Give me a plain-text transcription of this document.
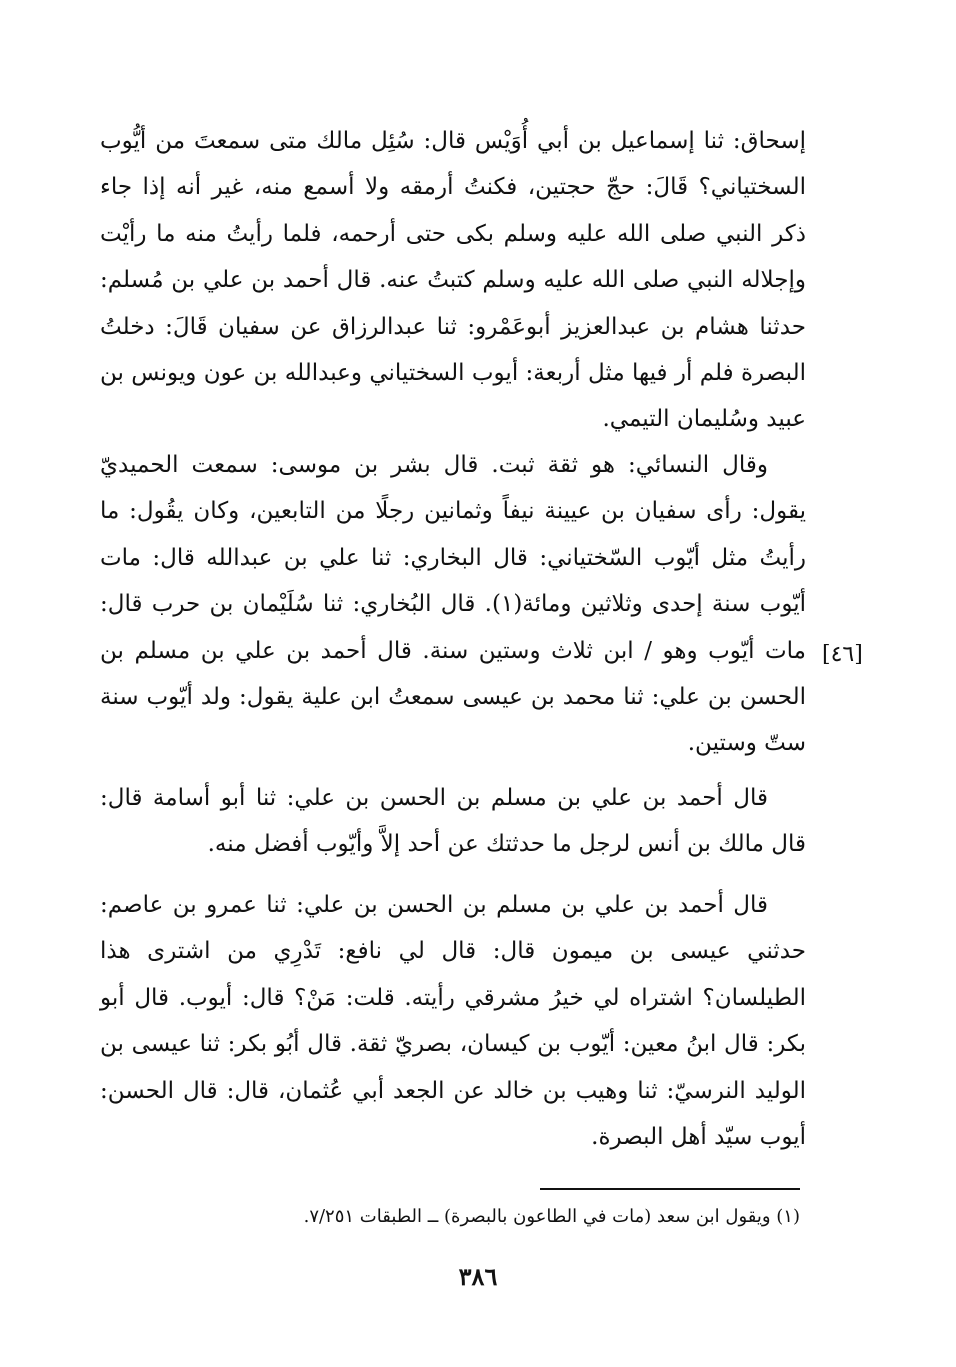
إسحاق: ثنا إسماعيل بن أبي أُوَيْس قال: سُئِل مالك متى سمعتَ من أيُّوب السختياني؟ قَالَ: حجّ حجتين، فكنتُ أرمقه ولا أسمع منه، غير أنه إذا جاء ذكر النبي صلى الله عليه وسلم بكى حتى أرحمه، فلما رأيتُ منه ما رأيْت وإجلاله النبي صلى الله عليه وسلم كتبتُ عنه. قال أحمد بن علي بن مُسلم: حدثنا هشام بن عبدالعزيز أبوعَمْرو: ثنا عبدالرزاق عن سفيان قَالَ: دخلتُ البصرة فلم أر فيها مثل أربعة: أيوب السختياني وعبدالله بن عون ويونس بن عبيد وسُليمان التيمي.

وقال النسائي: هو ثقة ثبت. قال بشر بن موسى: سمعت الحميديّ يقول: رأى سفيان بن عيينة نيفاً وثمانين رجلًا من التابعين، وكان يقُول: ما رأيتُ مثل أيّوب السّختياني: قال البخاري: ثنا علي بن عبدالله قال: مات أيّوب سنة إحدى وثلاثين ومائة(١). قال البُخاري: ثنا سُلَيْمان بن حرب قال: مات أيّوب وهو / ابن ثلاث وستين سنة. قال أحمد بن علي بن مسلم بن الحسن بن علي: ثنا محمد بن عيسى سمعتُ ابن علية يقول: ولد أيّوب سنة ستّ وستين.

[٤٦]

قال أحمد بن علي بن مسلم بن الحسن بن علي: ثنا أبو أسامة قال: قال مالك بن أنس لرجل ما حدثتك عن أحد إلاَّ وأيّوب أفضل منه.

قال أحمد بن علي بن مسلم بن الحسن بن علي: ثنا عمرو بن عاصم: حدثني عيسى بن ميمون قال: قال لي نافع: تَدْرِي من اشترى هذا الطيلسان؟ اشتراه لي خيرُ مشرقي رأيته. قلت: مَنْ؟ قال: أيوب. قال أبو بكر: قال ابنُ معين: أيّوب بن كيسان، بصريّ ثقة. قال أبُو بكر: ثنا عيسى بن الوليد النرسيّ: ثنا وهيب بن خالد عن الجعد أبي عُثمان، قال: قال الحسن: أيوب سيّد أهل البصرة.

(١) ويقول ابن سعد (مات في الطاعون بالبصرة) ــ الطبقات ٧/٢٥١.
٣٨٦
